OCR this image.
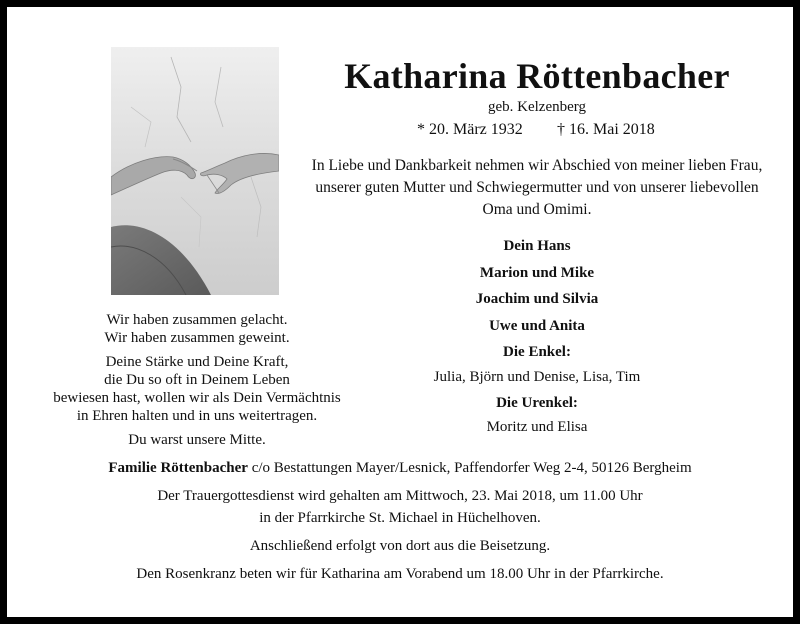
Katharina Röttenbacher
geb. Kelzenberg
* 20. März 1932 † 16. Mai 2018
In Liebe und Dankbarkeit nehmen wir Abschied von meiner lieben Frau,
unserer guten Mutter und Schwiegermutter und von unserer liebevollen
Oma und Omimi.
Dein Hans
Marion und Mike
Joachim und Silvia
Uwe und Anita
Die Enkel:
Julia, Björn und Denise, Lisa, Tim
Die Urenkel:
Moritz und Elisa
Wir haben zusammen gelacht.
Wir haben zusammen geweint.
Deine Stärke und Deine Kraft,
die Du so oft in Deinem Leben
bewiesen hast, wollen wir als Dein Vermächtnis
in Ehren halten und in uns weitertragen.
Du warst unsere Mitte.
Familie Röttenbacher c/o Bestattungen Mayer/Lesnick, Paffendorfer Weg 2-4, 50126 Bergheim
Der Trauergottesdienst wird gehalten am Mittwoch, 23. Mai 2018, um 11.00 Uhr
in der Pfarrkirche St. Michael in Hüchelhoven.
Anschließend erfolgt von dort aus die Beisetzung.
Den Rosenkranz beten wir für Katharina am Vorabend um 18.00 Uhr in der Pfarrkirche.
